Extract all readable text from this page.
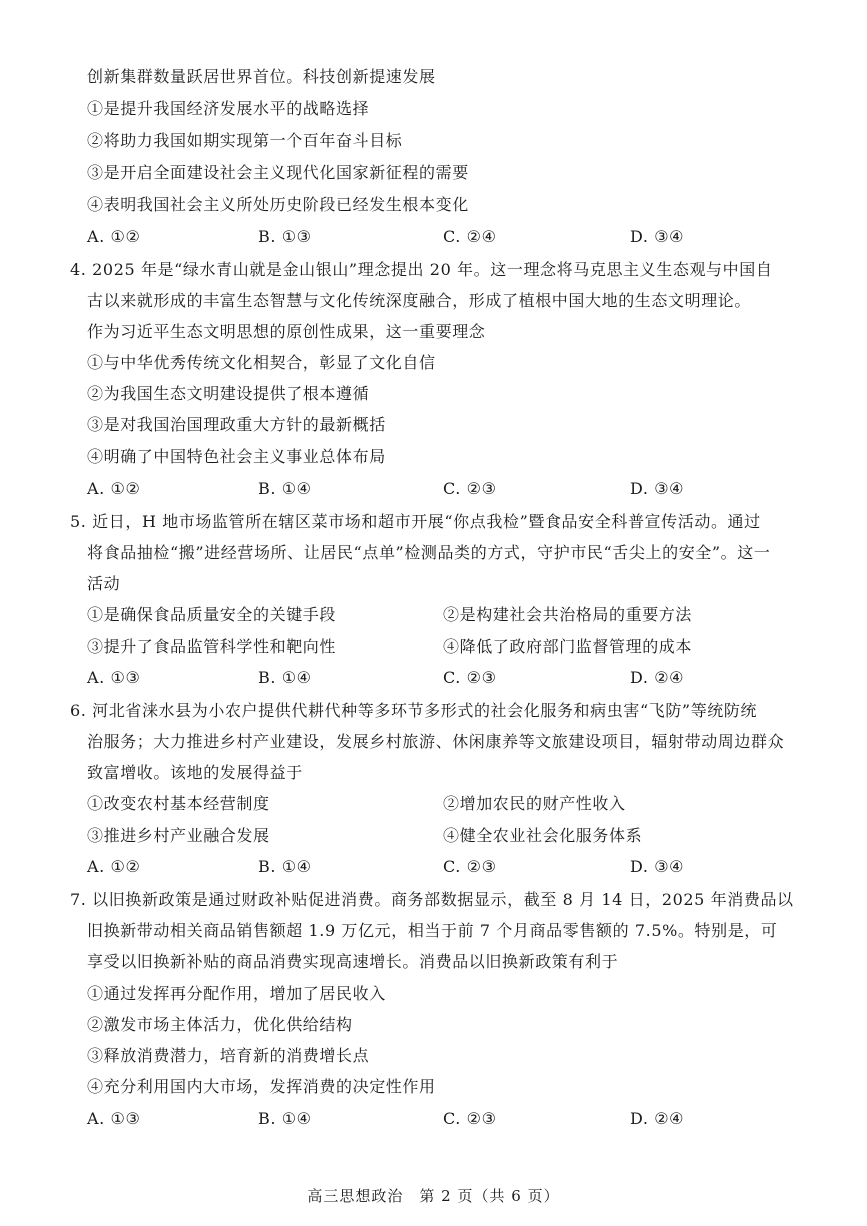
创新集群数量跃居世界首位。科技创新提速发展
①是提升我国经济发展水平的战略选择
②将助力我国如期实现第一个百年奋斗目标
③是开启全面建设社会主义现代化国家新征程的需要
④表明我国社会主义所处历史阶段已经发生根本变化
A. ①②	B. ①③	C. ②④	D. ③④
4. 2025 年是“绿水青山就是金山银山”理念提出 20 年。这一理念将马克思主义生态观与中国自
古以来就形成的丰富生态智慧与文化传统深度融合，形成了植根中国大地的生态文明理论。
作为习近平生态文明思想的原创性成果，这一重要理念
①与中华优秀传统文化相契合，彰显了文化自信
②为我国生态文明建设提供了根本遵循
③是对我国治国理政重大方针的最新概括
④明确了中国特色社会主义事业总体布局
A. ①②	B. ①④	C. ②③	D. ③④
5. 近日，H 地市场监管所在辖区菜市场和超市开展“你点我检”暨食品安全科普宣传活动。通过
将食品抽检“搬”进经营场所、让居民“点单”检测品类的方式，守护市民“舌尖上的安全”。这一
活动
①是确保食品质量安全的关键手段	②是构建社会共治格局的重要方法
③提升了食品监管科学性和靶向性	④降低了政府部门监督管理的成本
A. ①③	B. ①④	C. ②③	D. ②④
6. 河北省涞水县为小农户提供代耕代种等多环节多形式的社会化服务和病虫害“飞防”等统防统
治服务；大力推进乡村产业建设，发展乡村旅游、休闲康养等文旅建设项目，辐射带动周边群众
致富增收。该地的发展得益于
①改变农村基本经营制度	②增加农民的财产性收入
③推进乡村产业融合发展	④健全农业社会化服务体系
A. ①②	B. ①④	C. ②③	D. ③④
7. 以旧换新政策是通过财政补贴促进消费。商务部数据显示，截至 8 月 14 日，2025 年消费品以
旧换新带动相关商品销售额超 1.9 万亿元，相当于前 7 个月商品零售额的 7.5%。特别是，可
享受以旧换新补贴的商品消费实现高速增长。消费品以旧换新政策有利于
①通过发挥再分配作用，增加了居民收入
②激发市场主体活力，优化供给结构
③释放消费潜力，培育新的消费增长点
④充分利用国内大市场，发挥消费的决定性作用
A. ①③	B. ①④	C. ②③	D. ②④
高三思想政治　第 2 页（共 6 页）
